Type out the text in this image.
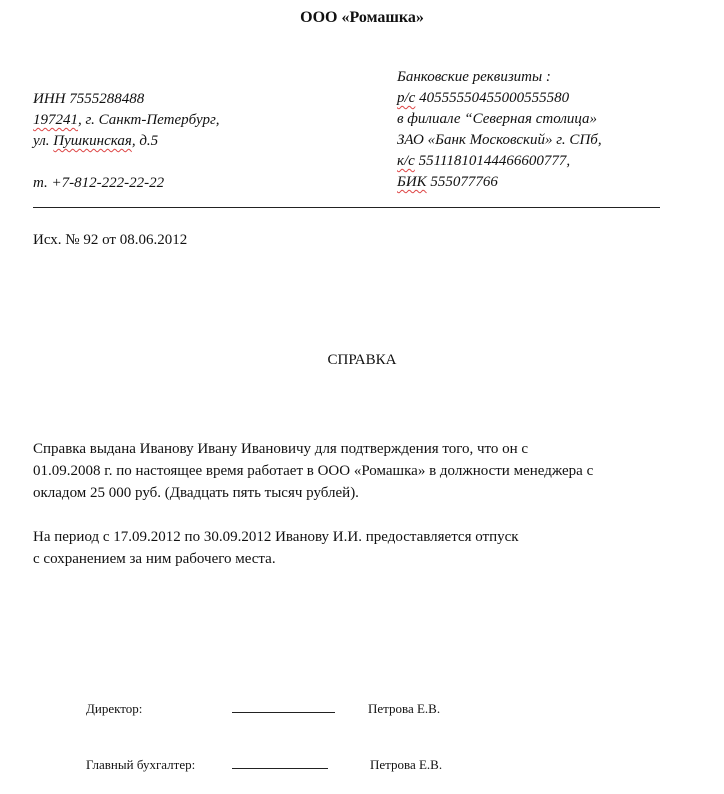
ООО «Ромашка»
ИНН 7555288488
197241, г. Санкт-Петербург,
ул. Пушкинская, д.5
т. +7-812-222-22-22
Банковские реквизиты :
р/с 40555550455000555580
в филиале “Северная столица»
ЗАО «Банк Московский» г. СПб,
к/с 55111810144466600777,
БИК 555077766
Исх. № 92 от 08.06.2012
СПРАВКА

Справка выдана Иванову Ивану Ивановичу для подтверждения того, что он с

01.09.2008 г. по настоящее время работает в ООО «Ромашка» в должности менеджера с

окладом 25 000 руб. (Двадцать пять тысяч рублей).

На период с 17.09.2012 по 30.09.2012 Иванову И.И. предоставляется отпуск

с сохранением за ним рабочего места.

Директор:	Петрова Е.В.
Главный бухгалтер:	Петрова Е.В.
